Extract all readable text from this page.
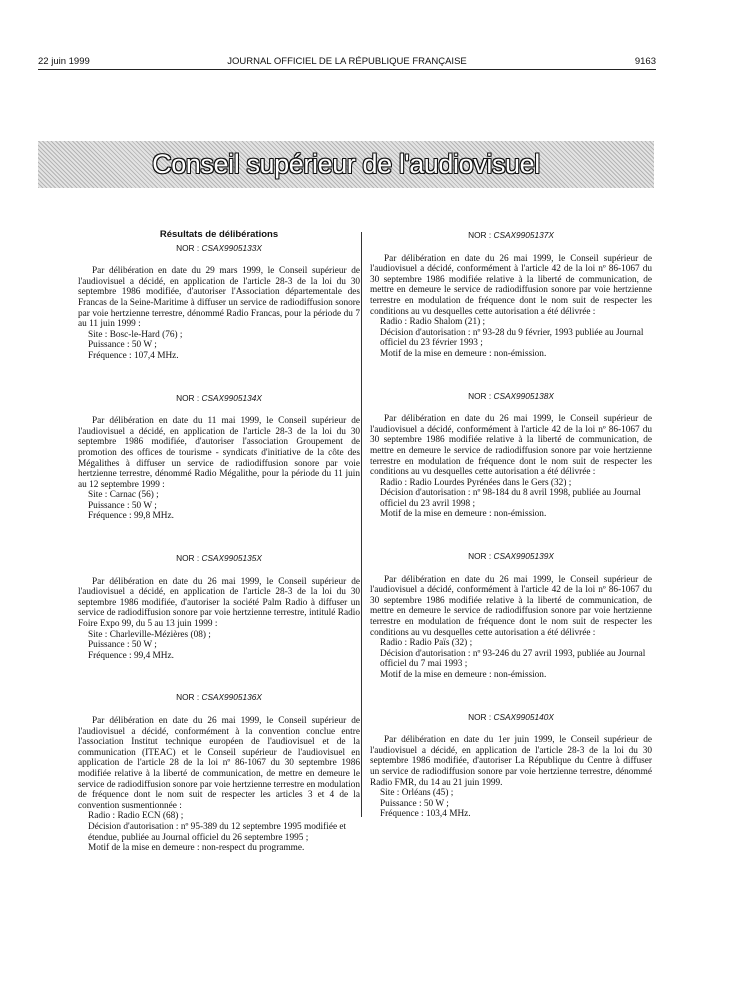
22 juin 1999	JOURNAL OFFICIEL DE LA RÉPUBLIQUE FRANÇAISE	9163
Conseil supérieur de l'audiovisuel
Résultats de délibérations
NOR : CSAX9905133X

Par délibération en date du 29 mars 1999, le Conseil supérieur de l'audiovisuel a décidé, en application de l'article 28-3 de la loi du 30 septembre 1986 modifiée, d'autoriser l'Association départementale des Francas de la Seine-Maritime à diffuser un service de radiodiffusion sonore par voie hertzienne terrestre, dénommé Radio Francas, pour la période du 7 au 11 juin 1999 :

Site : Bosc-le-Hard (76) ;

Puissance : 50 W ;

Fréquence : 107,4 MHz.

NOR : CSAX9905134X

Par délibération en date du 11 mai 1999, le Conseil supérieur de l'audiovisuel a décidé, en application de l'article 28-3 de la loi du 30 septembre 1986 modifiée, d'autoriser l'association Groupement de promotion des offices de tourisme - syndicats d'initiative de la côte des Mégalithes à diffuser un service de radiodiffusion sonore par voie hertzienne terrestre, dénommé Radio Mégalithe, pour la période du 11 juin au 12 septembre 1999 :

Site : Carnac (56) ;

Puissance : 50 W ;

Fréquence : 99,8 MHz.

NOR : CSAX9905135X

Par délibération en date du 26 mai 1999, le Conseil supérieur de l'audiovisuel a décidé, en application de l'article 28-3 de la loi du 30 septembre 1986 modifiée, d'autoriser la société Palm Radio à diffuser un service de radiodiffusion sonore par voie hertzienne terrestre, intitulé Radio Foire Expo 99, du 5 au 13 juin 1999 :

Site : Charleville-Mézières (08) ;

Puissance : 50 W ;

Fréquence : 99,4 MHz.

NOR : CSAX9905136X

Par délibération en date du 26 mai 1999, le Conseil supérieur de l'audiovisuel a décidé, conformément à la convention conclue entre l'association Institut technique européen de l'audiovisuel et de la communication (ITEAC) et le Conseil supérieur de l'audiovisuel en application de l'article 28 de la loi nº 86-1067 du 30 septembre 1986 modifiée relative à la liberté de communication, de mettre en demeure le service de radiodiffusion sonore par voie hertzienne terrestre en modulation de fréquence dont le nom suit de respecter les articles 3 et 4 de la convention susmentionnée :

Radio : Radio ECN (68) ;

Décision d'autorisation : nº 95-389 du 12 septembre 1995 modifiée et étendue, publiée au Journal officiel du 26 septembre 1995 ;

Motif de la mise en demeure : non-respect du programme.

NOR : CSAX9905137X

Par délibération en date du 26 mai 1999, le Conseil supérieur de l'audiovisuel a décidé, conformément à l'article 42 de la loi nº 86-1067 du 30 septembre 1986 modifiée relative à la liberté de communication, de mettre en demeure le service de radiodiffusion sonore par voie hertzienne terrestre en modulation de fréquence dont le nom suit de respecter les conditions au vu desquelles cette autorisation a été délivrée :

Radio : Radio Shalom (21) ;

Décision d'autorisation : nº 93-28 du 9 février, 1993 publiée au Journal officiel du 23 février 1993 ;

Motif de la mise en demeure : non-émission.

NOR : CSAX9905138X

Par délibération en date du 26 mai 1999, le Conseil supérieur de l'audiovisuel a décidé, conformément à l'article 42 de la loi nº 86-1067 du 30 septembre 1986 modifiée relative à la liberté de communication, de mettre en demeure le service de radiodiffusion sonore par voie hertzienne terrestre en modulation de fréquence dont le nom suit de respecter les conditions au vu desquelles cette autorisation a été délivrée :

Radio : Radio Lourdes Pyrénées dans le Gers (32) ;

Décision d'autorisation : nº 98-184 du 8 avril 1998, publiée au Journal officiel du 23 avril 1998 ;

Motif de la mise en demeure : non-émission.

NOR : CSAX9905139X

Par délibération en date du 26 mai 1999, le Conseil supérieur de l'audiovisuel a décidé, conformément à l'article 42 de la loi nº 86-1067 du 30 septembre 1986 modifiée relative à la liberté de communication, de mettre en demeure le service de radiodiffusion sonore par voie hertzienne terrestre en modulation de fréquence dont le nom suit de respecter les conditions au vu desquelles cette autorisation a été délivrée :

Radio : Radio Païs (32) ;

Décision d'autorisation : nº 93-246 du 27 avril 1993, publiée au Journal officiel du 7 mai 1993 ;

Motif de la mise en demeure : non-émission.

NOR : CSAX9905140X

Par délibération en date du 1er juin 1999, le Conseil supérieur de l'audiovisuel a décidé, en application de l'article 28-3 de la loi du 30 septembre 1986 modifiée, d'autoriser La République du Centre à diffuser un service de radiodiffusion sonore par voie hertzienne terrestre, dénommé Radio FMR, du 14 au 21 juin 1999.

Site : Orléans (45) ;

Puissance : 50 W ;

Fréquence : 103,4 MHz.
